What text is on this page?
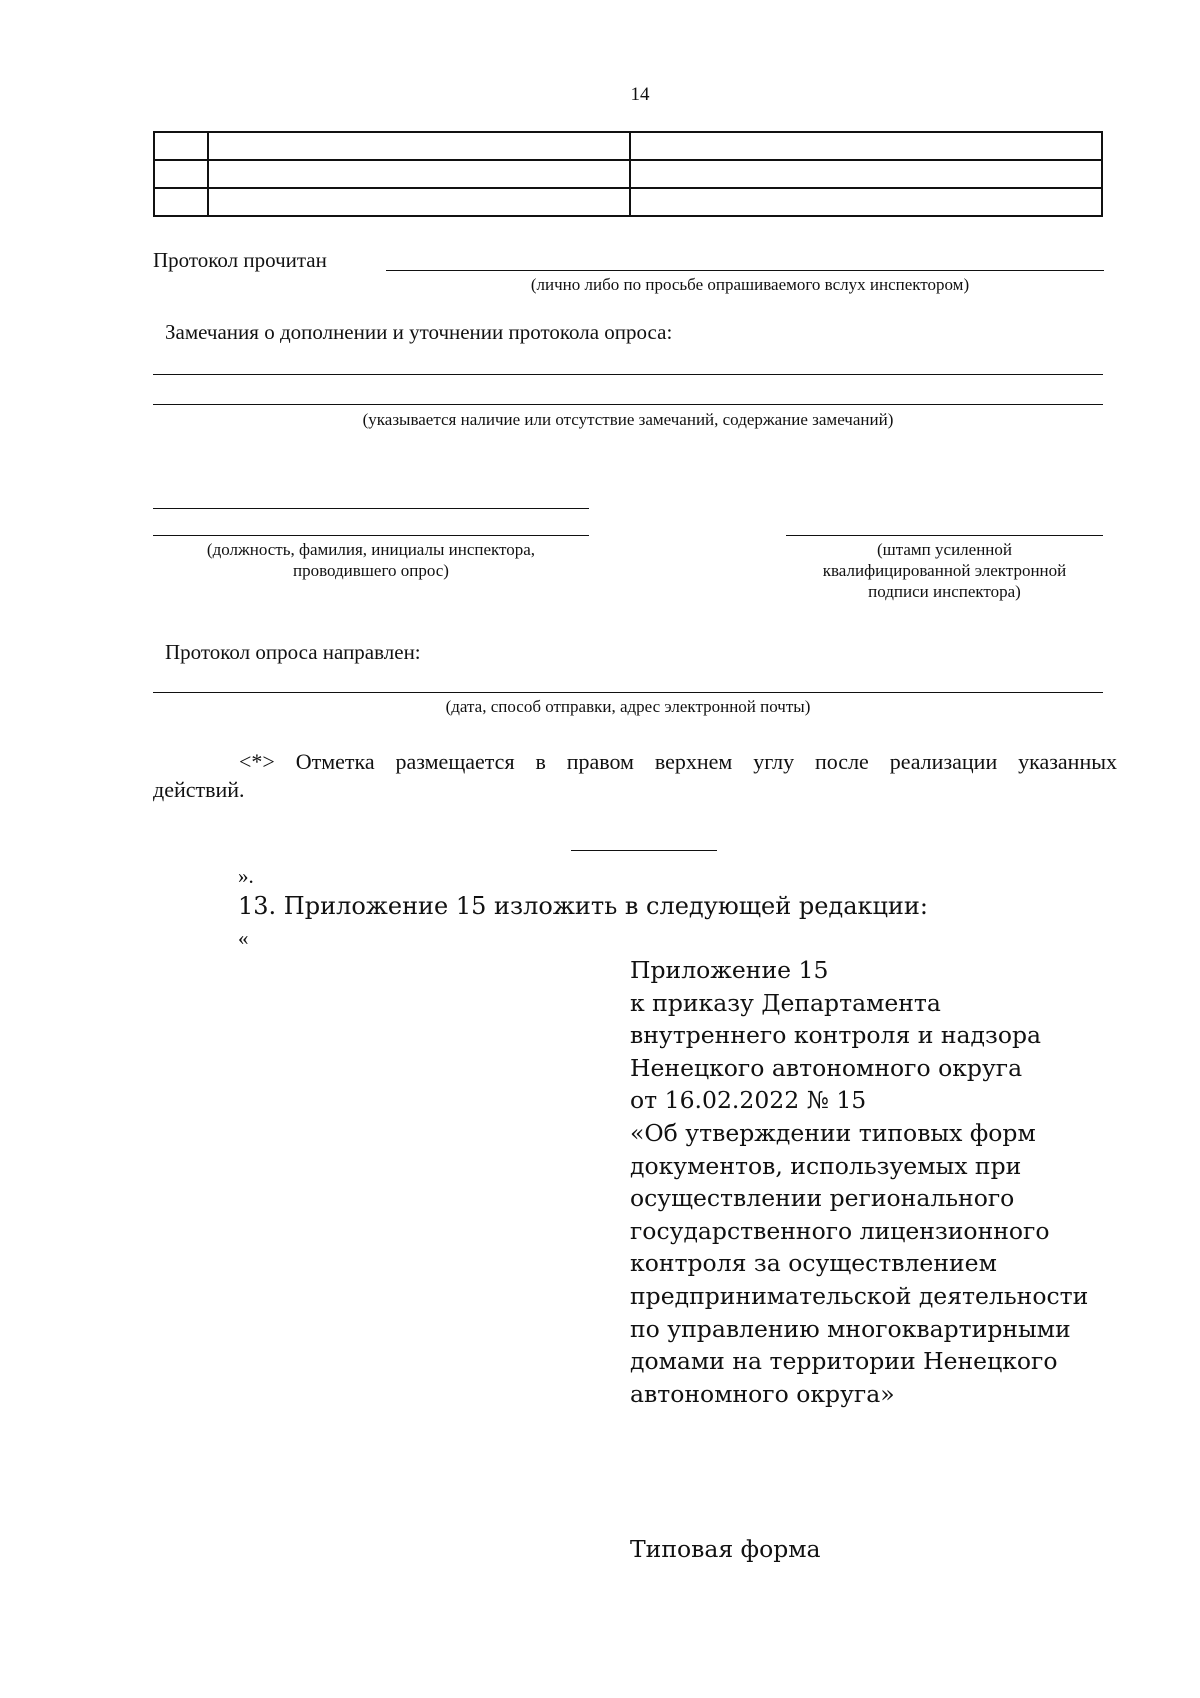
14

Протокол прочитан
(лично либо по просьбе опрашиваемого вслух инспектором)
Замечания о дополнении и уточнении протокола опроса:
(указывается наличие или отсутствие замечаний, содержание замечаний)
(должность, фамилия, инициалы инспектора,
проводившего опрос)
(штамп усиленной
квалифицированной электронной
подписи инспектора)
Протокол опроса направлен:
(дата, способ отправки, адрес электронной почты)
<*> Отметка размещается в правом верхнем углу после реализации указанных
действий.
».
13. Приложение 15 изложить в следующей редакции:
«
Приложение 15
к приказу Департамента
внутреннего контроля и надзора
Ненецкого автономного округа
от 16.02.2022 № 15
«Об утверждении типовых форм
документов, используемых при
осуществлении регионального
государственного лицензионного
контроля за осуществлением
предпринимательской деятельности
по управлению многоквартирными
домами на территории Ненецкого
автономного округа»
Типовая форма
